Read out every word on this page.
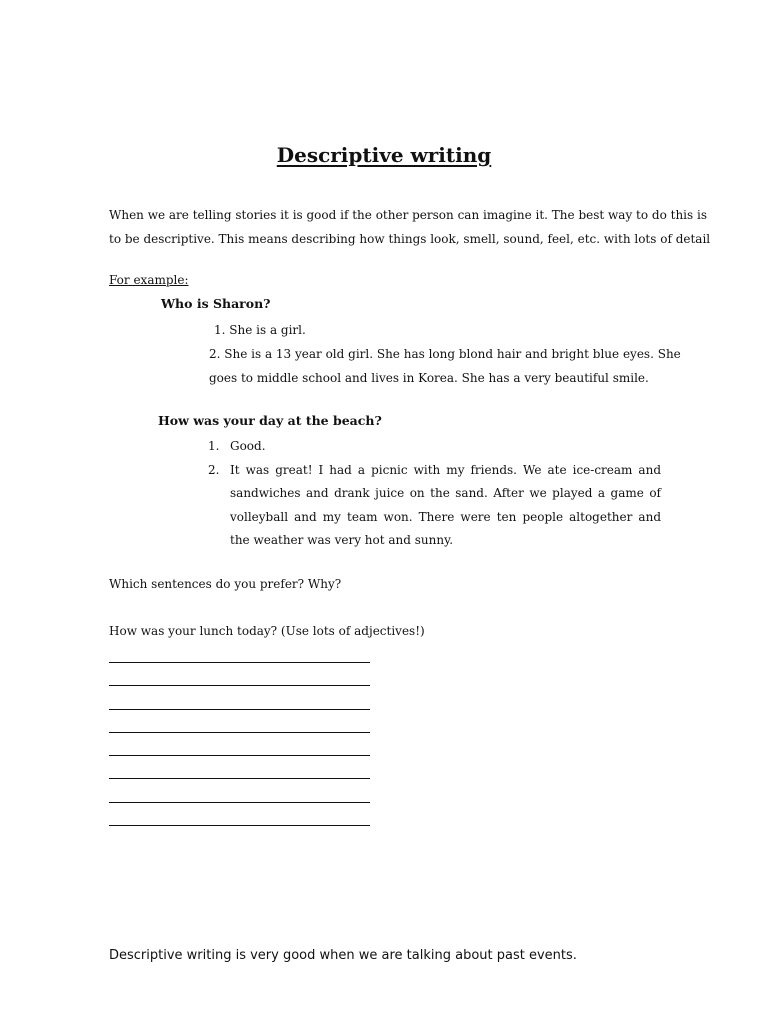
Descriptive writing

When we are telling stories it is good if the other person can imagine it. The best way to do this is
to be descriptive. This means describing how things look, smell, sound, feel, etc. with lots of detail

For example:

Who is Sharon?

1. She is a girl.

2. She is a 13 year old girl. She has long blond hair and bright blue eyes. She
goes to middle school and lives in Korea. She has a very beautiful smile.

How was your day at the beach?

1. Good.
2. It was great! I had a picnic with my friends. We ate ice-cream and sandwiches and drank juice on the sand. After we played a game of volleyball and my team won. There were ten people altogether and the weather was very hot and sunny.

Which sentences do you prefer? Why?

How was your lunch today? (Use lots of adjectives!)

Descriptive writing is very good when we are talking about past events.
